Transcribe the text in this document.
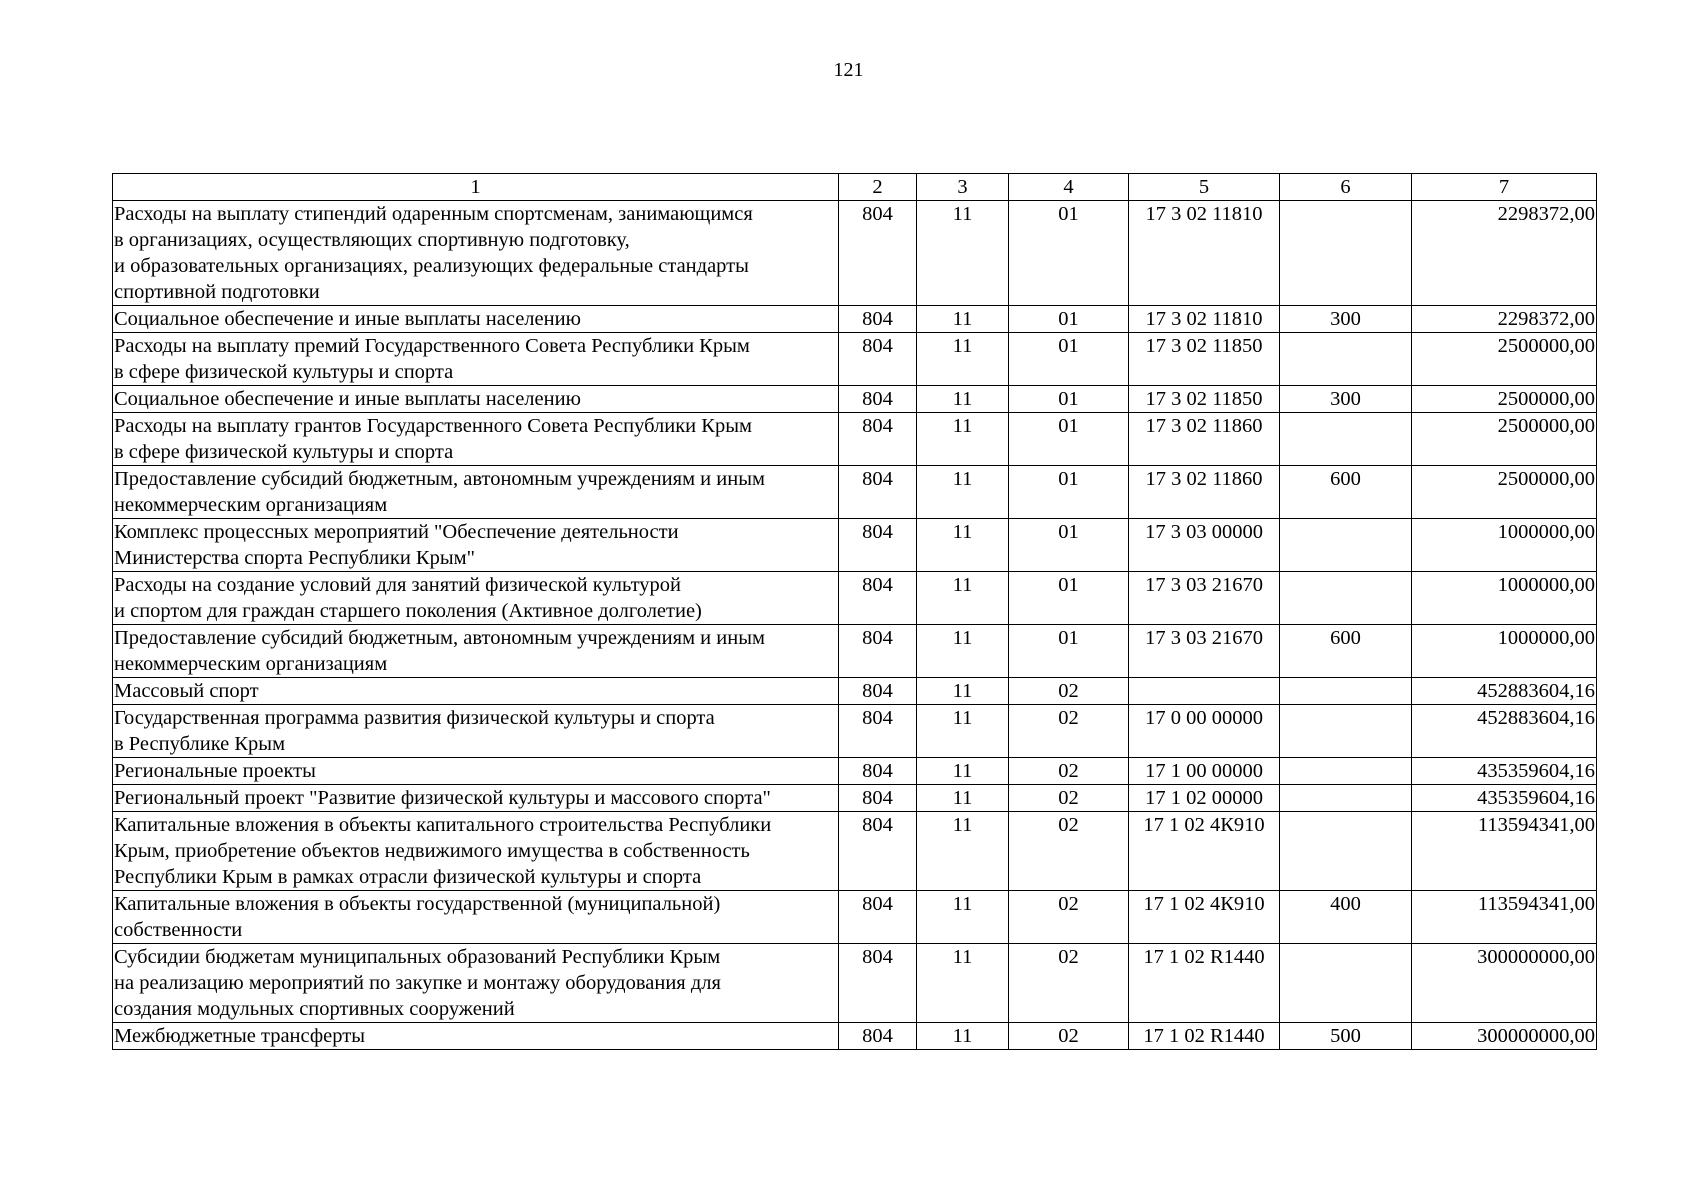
121
1	2	3	4	5	6	7
Расходы на выплату стипендий одаренным спортсменам, занимающимся
в организациях, осуществляющих спортивную подготовку,
и образовательных организациях, реализующих федеральные стандарты
спортивной подготовки	804	11	01	17 3 02 11810		2298372,00
Социальное обеспечение и иные выплаты населению	804	11	01	17 3 02 11810	300	2298372,00
Расходы на выплату премий Государственного Совета Республики Крым
в сфере физической культуры и спорта	804	11	01	17 3 02 11850		2500000,00
Социальное обеспечение и иные выплаты населению	804	11	01	17 3 02 11850	300	2500000,00
Расходы на выплату грантов Государственного Совета Республики Крым
в сфере физической культуры и спорта	804	11	01	17 3 02 11860		2500000,00
Предоставление субсидий бюджетным, автономным учреждениям и иным
некоммерческим организациям	804	11	01	17 3 02 11860	600	2500000,00
Комплекс процессных мероприятий "Обеспечение деятельности
Министерства спорта Республики Крым"	804	11	01	17 3 03 00000		1000000,00
Расходы на создание условий для занятий физической культурой
и спортом для граждан старшего поколения (Активное долголетие)	804	11	01	17 3 03 21670		1000000,00
Предоставление субсидий бюджетным, автономным учреждениям и иным
некоммерческим организациям	804	11	01	17 3 03 21670	600	1000000,00
Массовый спорт	804	11	02			452883604,16
Государственная программа развития физической культуры и спорта
в Республике Крым	804	11	02	17 0 00 00000		452883604,16
Региональные проекты	804	11	02	17 1 00 00000		435359604,16
Региональный проект "Развитие физической культуры и массового спорта"	804	11	02	17 1 02 00000		435359604,16
Капитальные вложения в объекты капитального строительства Республики
Крым, приобретение объектов недвижимого имущества в собственность
Республики Крым в рамках отрасли физической культуры и спорта	804	11	02	17 1 02 4К910		113594341,00
Капитальные вложения в объекты государственной (муниципальной)
собственности	804	11	02	17 1 02 4К910	400	113594341,00
Субсидии бюджетам муниципальных образований Республики Крым
на реализацию мероприятий по закупке и монтажу оборудования для
создания модульных спортивных сооружений	804	11	02	17 1 02 R1440		300000000,00
Межбюджетные трансферты	804	11	02	17 1 02 R1440	500	300000000,00
